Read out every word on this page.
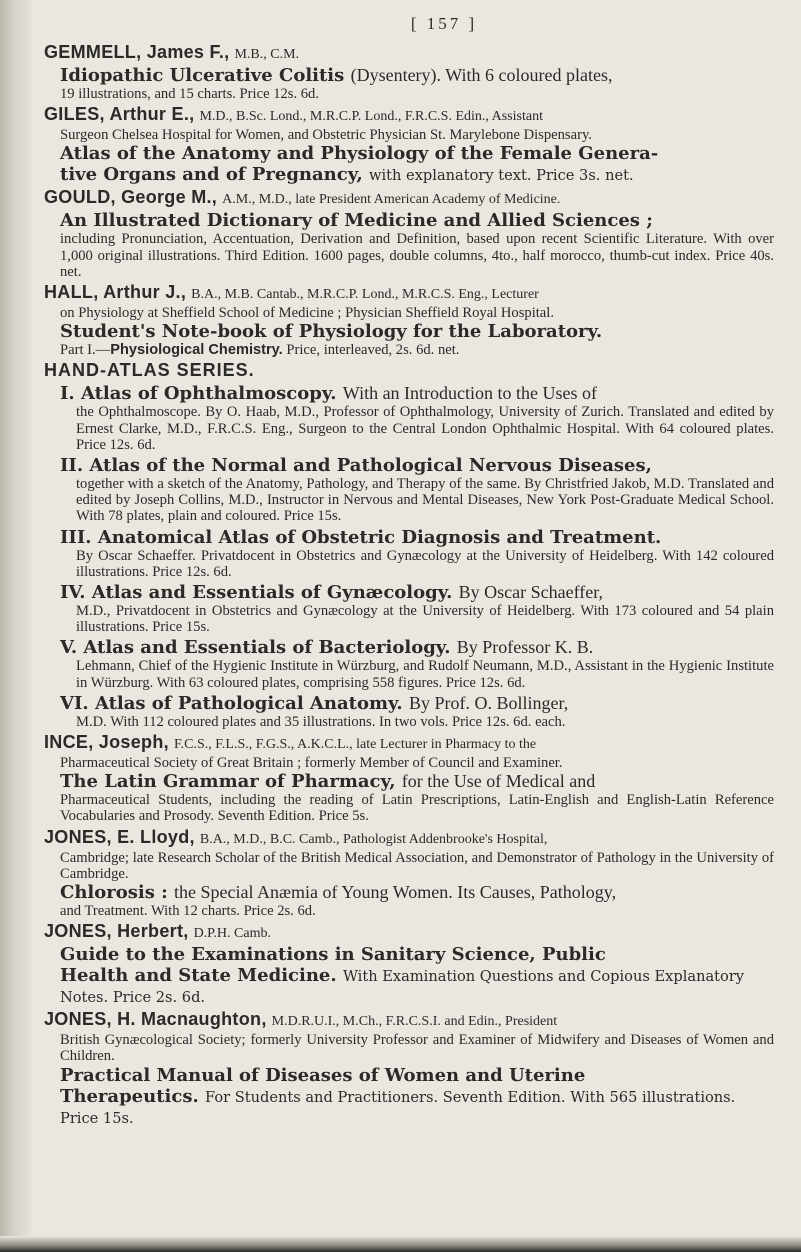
[ 157 ]
GEMMELL, James F., M.B., C.M.
Idiopathic Ulcerative Colitis (Dysentery). With 6 coloured plates,
19 illustrations, and 15 charts. Price 12s. 6d.
GILES, Arthur E., M.D., B.Sc. Lond., M.R.C.P. Lond., F.R.C.S. Edin., Assistant
Surgeon Chelsea Hospital for Women, and Obstetric Physician St. Marylebone Dispensary.
Atlas of the Anatomy and Physiology of the Female Genera-
tive Organs and of Pregnancy, with explanatory text. Price 3s. net.
GOULD, George M., A.M., M.D., late President American Academy of Medicine.
An Illustrated Dictionary of Medicine and Allied Sciences ;
including Pronunciation, Accentuation, Derivation and Definition, based upon recent Scientific Literature. With over 1,000 original illustrations. Third Edition. 1600 pages, double columns, 4to., half morocco, thumb-cut index. Price 40s. net.
HALL, Arthur J., B.A., M.B. Cantab., M.R.C.P. Lond., M.R.C.S. Eng., Lecturer
on Physiology at Sheffield School of Medicine ; Physician Sheffield Royal Hospital.
Student's Note-book of Physiology for the Laboratory.
Part I.—Physiological Chemistry. Price, interleaved, 2s. 6d. net.
HAND-ATLAS SERIES.
I. Atlas of Ophthalmoscopy. With an Introduction to the Uses of
the Ophthalmoscope. By O. Haab, M.D., Professor of Ophthalmology, University of Zurich. Translated and edited by Ernest Clarke, M.D., F.R.C.S. Eng., Surgeon to the Central London Ophthalmic Hospital. With 64 coloured plates. Price 12s. 6d.
II. Atlas of the Normal and Pathological Nervous Diseases,
together with a sketch of the Anatomy, Pathology, and Therapy of the same. By Christfried Jakob, M.D. Translated and edited by Joseph Collins, M.D., Instructor in Nervous and Mental Diseases, New York Post-Graduate Medical School. With 78 plates, plain and coloured. Price 15s.
III. Anatomical Atlas of Obstetric Diagnosis and Treatment.
By Oscar Schaeffer. Privatdocent in Obstetrics and Gynæcology at the University of Heidelberg. With 142 coloured illustrations. Price 12s. 6d.
IV. Atlas and Essentials of Gynæcology. By Oscar Schaeffer,
M.D., Privatdocent in Obstetrics and Gynæcology at the University of Heidelberg. With 173 coloured and 54 plain illustrations. Price 15s.
V. Atlas and Essentials of Bacteriology. By Professor K. B.
Lehmann, Chief of the Hygienic Institute in Würzburg, and Rudolf Neumann, M.D., Assistant in the Hygienic Institute in Würzburg. With 63 coloured plates, comprising 558 figures. Price 12s. 6d.
VI. Atlas of Pathological Anatomy. By Prof. O. Bollinger,
M.D. With 112 coloured plates and 35 illustrations. In two vols. Price 12s. 6d. each.
INCE, Joseph, F.C.S., F.L.S., F.G.S., A.K.C.L., late Lecturer in Pharmacy to the
Pharmaceutical Society of Great Britain ; formerly Member of Council and Examiner.
The Latin Grammar of Pharmacy, for the Use of Medical and
Pharmaceutical Students, including the reading of Latin Prescriptions, Latin-English and English-Latin Reference Vocabularies and Prosody. Seventh Edition. Price 5s.
JONES, E. Lloyd, B.A., M.D., B.C. Camb., Pathologist Addenbrooke's Hospital,
Cambridge; late Research Scholar of the British Medical Association, and Demonstrator of Pathology in the University of Cambridge.
Chlorosis : the Special Anæmia of Young Women. Its Causes, Pathology,
and Treatment. With 12 charts. Price 2s. 6d.
JONES, Herbert, D.P.H. Camb.
Guide to the Examinations in Sanitary Science, Public
Health and State Medicine. With Examination Questions and Copious Explanatory Notes. Price 2s. 6d.
JONES, H. Macnaughton, M.D.R.U.I., M.Ch., F.R.C.S.I. and Edin., President
British Gynæcological Society; formerly University Professor and Examiner of Midwifery and Diseases of Women and Children.
Practical Manual of Diseases of Women and Uterine
Therapeutics. For Students and Practitioners. Seventh Edition. With 565 illustrations. Price 15s.
